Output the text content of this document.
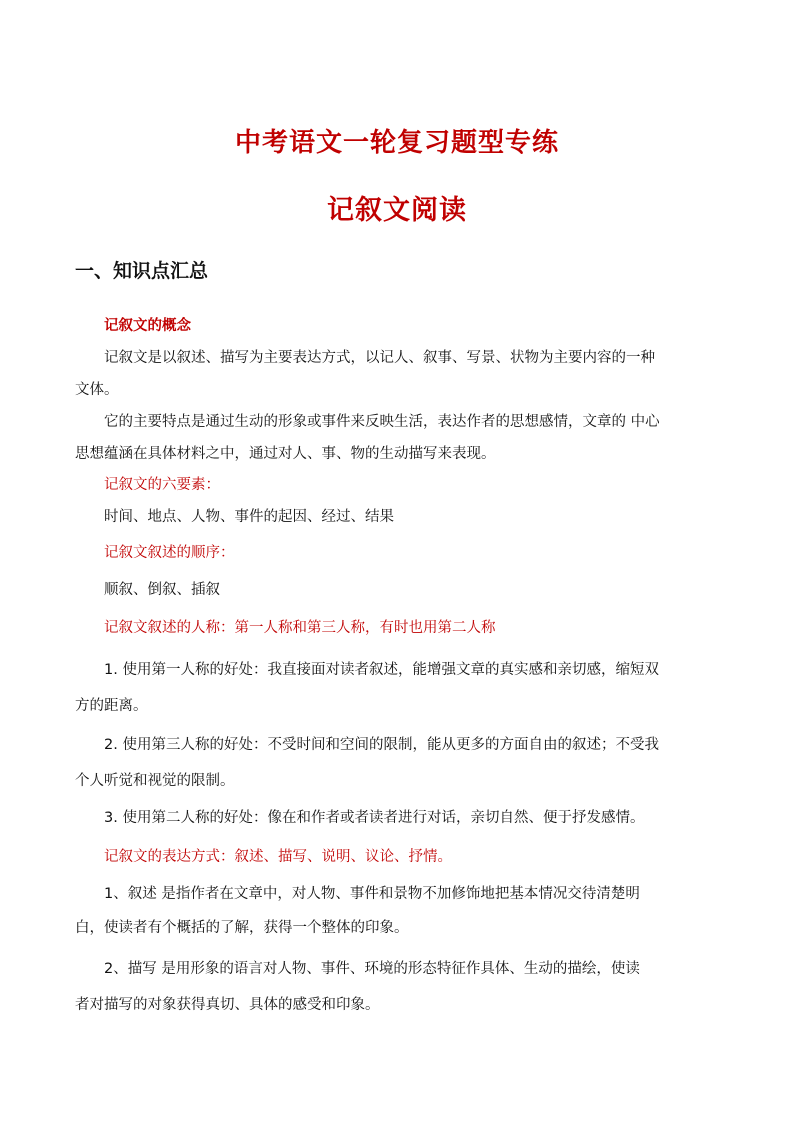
中考语文一轮复习题型专练
记叙文阅读
一、知识点汇总

记叙文的概念

记叙文是以叙述、描写为主要表达方式，以记人、叙事、写景、状物为主要内容的一种

文体。

它的主要特点是通过生动的形象或事件来反映生活，表达作者的思想感情，文章的 中心

思想蕴涵在具体材料之中，通过对人、事、物的生动描写来表现。

记叙文的六要素：

时间、地点、人物、事件的起因、经过、结果

记叙文叙述的顺序：

顺叙、倒叙、插叙

记叙文叙述的人称：第一人称和第三人称，有时也用第二人称

1. 使用第一人称的好处：我直接面对读者叙述，能增强文章的真实感和亲切感，缩短双

方的距离。

2. 使用第三人称的好处：不受时间和空间的限制，能从更多的方面自由的叙述；不受我

个人听觉和视觉的限制。

3. 使用第二人称的好处：像在和作者或者读者进行对话，亲切自然、便于抒发感情。

记叙文的表达方式：叙述、描写、说明、议论、抒情。

1、叙述 是指作者在文章中，对人物、事件和景物不加修饰地把基本情况交待清楚明

白，使读者有个概括的了解，获得一个整体的印象。

2、描写 是用形象的语言对人物、事件、环境的形态特征作具体、生动的描绘，使读

者对描写的对象获得真切、具体的感受和印象。
